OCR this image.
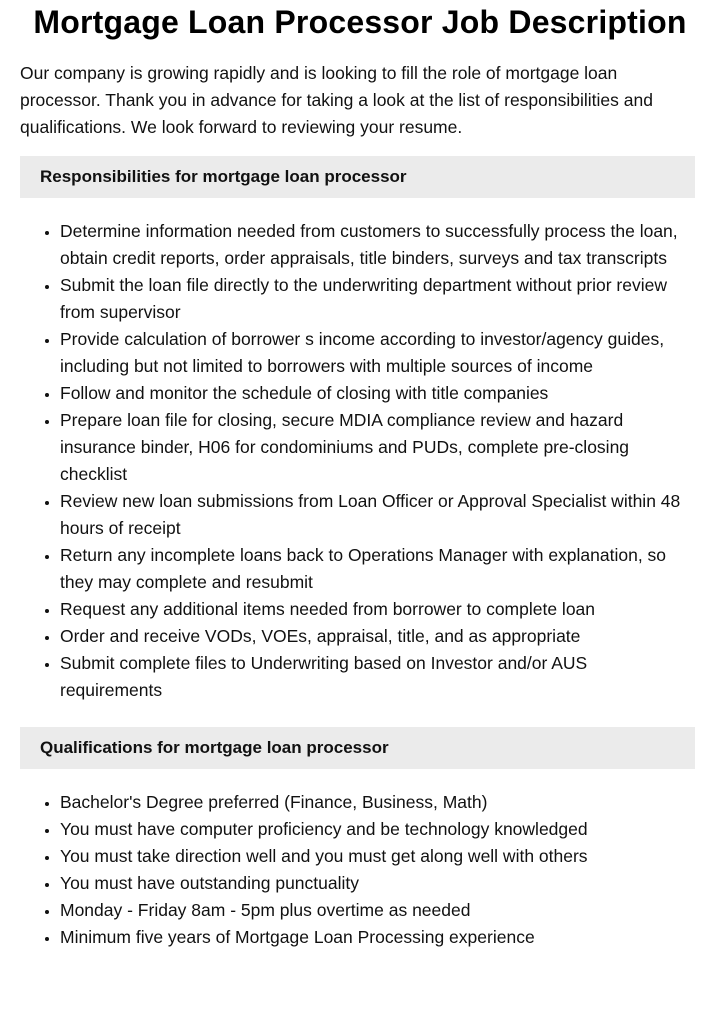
Mortgage Loan Processor Job Description

Our company is growing rapidly and is looking to fill the role of mortgage loan processor. Thank you in advance for taking a look at the list of responsibilities and qualifications. We look forward to reviewing your resume.

Responsibilities for mortgage loan processor
• Determine information needed from customers to successfully process the loan, obtain credit reports, order appraisals, title binders, surveys and tax transcripts
• Submit the loan file directly to the underwriting department without prior review from supervisor
• Provide calculation of borrower s income according to investor/agency guides, including but not limited to borrowers with multiple sources of income
• Follow and monitor the schedule of closing with title companies
• Prepare loan file for closing, secure MDIA compliance review and hazard insurance binder, H06 for condominiums and PUDs, complete pre-closing checklist
• Review new loan submissions from Loan Officer or Approval Specialist within 48 hours of receipt
• Return any incomplete loans back to Operations Manager with explanation, so they may complete and resubmit
• Request any additional items needed from borrower to complete loan
• Order and receive VODs, VOEs, appraisal, title, and as appropriate
• Submit complete files to Underwriting based on Investor and/or AUS requirements
Qualifications for mortgage loan processor
• Bachelor's Degree preferred (Finance, Business, Math)
• You must have computer proficiency and be technology knowledged
• You must take direction well and you must get along well with others
• You must have outstanding punctuality
• Monday - Friday 8am - 5pm plus overtime as needed
• Minimum five years of Mortgage Loan Processing experience
